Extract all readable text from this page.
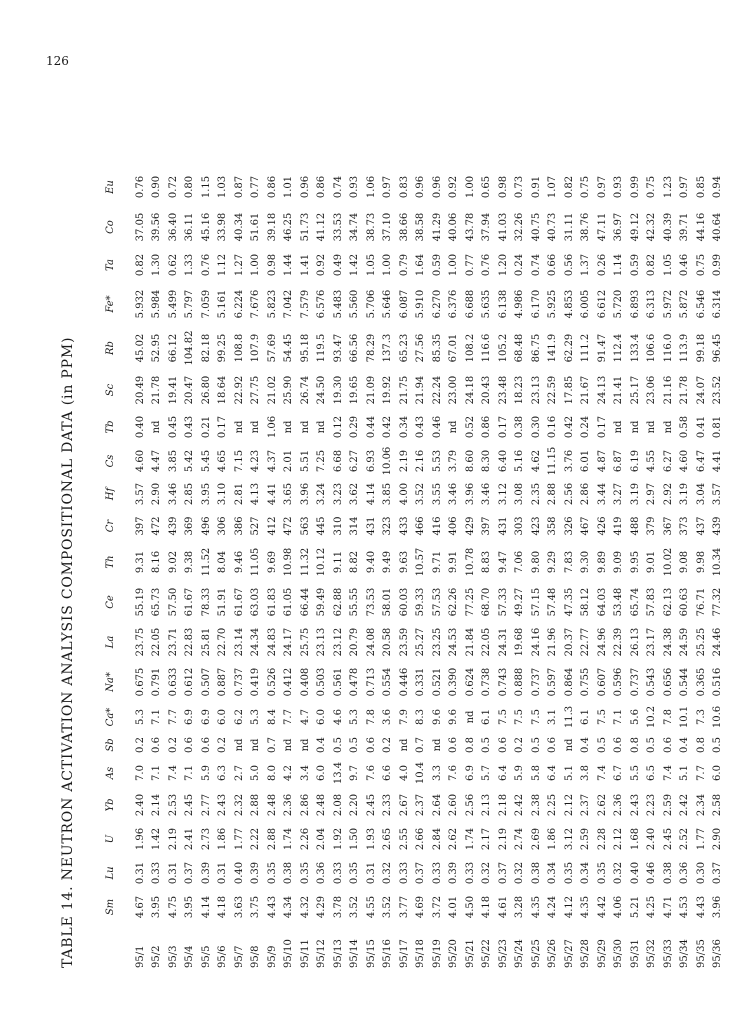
126
TABLE 14. NEUTRON ACTIVATION ANALYSIS COMPOSITIONAL DATA (in PPM)
		Sm	Lu	U	Yb	As	Sb	Ca*	Na*	La	Ce	Th	Cr	Hf	Cs	Tb	Sc	Rb	Fe*	Ta	Co	Eu
95/1	4.67	0.31	1.96	2.40	7.0	0.2	5.3	0.675	23.75	55.19	9.31	397	3.57	4.60	0.40	20.49	45.02	5.932	0.82	37.05	0.76
95/2	3.95	0.33	1.42	2.14	7.1	0.6	7.1	0.791	22.05	65.73	8.16	472	2.90	4.47	nd	21.78	52.95	5.984	1.30	39.56	0.90
95/3	4.75	0.31	2.19	2.53	7.4	0.2	7.7	0.633	23.71	57.50	9.02	439	3.46	3.85	0.45	19.41	66.12	5.499	0.62	36.40	0.72
95/4	3.95	0.37	2.41	2.45	7.1	0.6	6.9	0.612	22.83	61.67	9.38	369	2.85	5.42	0.43	20.47	104.82	5.797	1.33	36.11	0.80
95/5	4.14	0.39	2.73	2.77	5.9	0.6	6.9	0.507	25.81	78.33	11.52	496	3.95	5.45	0.21	26.80	82.18	7.059	0.76	45.16	1.15
95/6	4.18	0.31	1.86	2.43	6.3	0.2	6.0	0.887	22.70	51.91	8.04	306	3.10	4.65	0.17	18.64	99.25	5.161	1.12	33.98	1.03
95/7	3.63	0.40	1.77	2.32	2.7	nd	6.2	0.737	23.14	61.67	9.46	386	2.81	7.15	nd	22.92	108.8	6.224	1.27	40.34	0.87
95/8	3.75	0.39	2.22	2.88	5.0	nd	5.3	0.419	24.34	63.03	11.05	527	4.13	4.23	nd	27.75	107.9	7.676	1.00	51.61	0.77
95/9	4.43	0.35	2.88	2.48	8.0	0.7	8.4	0.526	24.83	61.83	9.69	412	4.41	4.37	1.06	21.02	57.69	5.823	0.98	39.18	0.86
95/10	4.34	0.38	1.74	2.36	4.2	nd	7.7	0.412	24.17	61.05	10.98	472	3.65	2.01	nd	25.90	54.45	7.042	1.44	46.25	1.01
95/11	4.32	0.35	2.26	2.86	3.4	nd	4.7	0.408	25.75	66.44	11.32	563	3.96	5.51	nd	26.74	95.18	7.579	1.41	51.73	0.96
95/12	4.29	0.36	2.04	2.48	6.0	0.4	6.0	0.503	23.13	59.49	10.12	445	3.24	7.25	nd	24.50	119.5	6.576	0.92	41.12	0.86
95/13	3.78	0.33	1.92	2.08	13.4	0.5	4.6	0.561	23.12	62.88	9.11	310	3.23	6.68	0.12	19.30	93.47	5.483	0.49	33.53	0.74
95/14	3.52	0.35	1.50	2.20	9.7	0.5	5.3	0.478	20.79	55.55	8.82	314	3.62	6.27	0.29	19.65	66.56	5.560	1.42	34.74	0.93
95/15	4.55	0.31	1.93	2.45	7.6	0.6	7.8	0.713	24.08	73.53	9.40	431	4.14	6.93	0.44	21.09	78.29	5.706	1.05	38.73	1.06
95/16	3.52	0.32	2.65	2.33	6.6	0.2	3.6	0.554	20.58	58.01	9.49	323	3.85	10.06	0.42	19.92	137.3	5.646	1.00	37.10	0.97
95/17	3.77	0.33	2.55	2.67	4.0	nd	7.9	0.446	23.59	60.03	9.63	433	4.00	2.19	0.34	21.75	65.23	6.087	0.79	38.66	0.83
95/18	4.69	0.37	2.66	2.37	10.4	0.7	8.3	0.331	25.27	59.33	10.57	466	3.52	2.16	0.43	21.94	27.56	5.910	1.64	38.58	0.96
95/19	3.72	0.33	2.84	2.64	3.3	nd	9.6	0.521	23.25	57.53	9.71	416	3.55	5.53	0.46	22.24	85.35	6.270	0.59	41.29	0.96
95/20	4.01	0.39	2.62	2.60	7.6	0.6	9.6	0.390	24.53	62.26	9.91	406	3.46	3.79	nd	23.00	67.01	6.376	1.00	40.06	0.92
95/21	4.50	0.33	1.74	2.56	6.9	0.8	nd	0.624	21.84	77.25	10.78	429	3.96	8.60	0.52	24.18	108.2	6.688	0.77	43.78	1.00
95/22	4.18	0.32	2.17	2.13	5.7	0.5	6.1	0.738	22.05	68.70	8.83	397	3.46	8.30	0.86	20.43	116.6	5.635	0.76	37.94	0.65
95/23	4.61	0.37	2.19	2.18	6.4	0.6	7.5	0.743	24.31	57.33	9.47	431	3.12	6.40	0.17	23.48	105.2	6.138	1.20	41.03	0.98
95/24	3.28	0.32	2.74	2.42	5.9	0.2	7.5	0.888	19.68	49.27	7.06	303	3.08	5.16	0.38	18.23	68.48	4.986	0.24	32.26	0.73
95/25	4.35	0.38	2.69	2.38	5.8	0.5	7.5	0.737	24.16	57.15	9.80	423	2.35	4.62	0.30	23.13	86.75	6.170	0.74	40.75	0.91
95/26	4.24	0.34	1.86	2.25	6.4	0.6	3.1	0.597	21.96	57.48	9.29	358	2.88	11.15	0.16	22.59	141.9	5.925	0.66	40.73	1.07
95/27	4.12	0.35	3.12	2.12	5.1	nd	11.3	0.864	20.37	47.35	7.83	326	2.56	3.76	0.42	17.85	62.29	4.853	0.56	31.11	0.82
95/28	4.35	0.34	2.59	2.37	3.8	0.4	6.1	0.755	22.77	58.12	9.30	467	2.86	6.01	0.24	21.67	111.2	6.005	1.37	38.76	0.75
95/29	4.42	0.35	2.28	2.62	7.4	0.5	7.5	0.607	24.96	64.03	9.89	426	3.44	4.87	0.17	24.13	91.47	6.612	0.26	47.11	0.97
95/30	4.06	0.32	2.12	2.36	6.7	0.6	7.1	0.596	22.39	53.48	9.09	419	3.27	6.87	nd	21.41	112.4	5.720	1.14	36.97	0.93
95/31	5.21	0.40	1.68	2.43	5.5	0.8	5.6	0.737	26.13	65.74	9.95	488	3.19	6.19	nd	25.17	133.4	6.893	0.59	49.12	0.99
95/32	4.25	0.46	2.40	2.23	6.5	0.5	10.2	0.543	23.17	57.83	9.01	379	2.97	4.55	nd	23.06	106.6	6.313	0.82	42.32	0.75
95/33	4.71	0.38	2.45	2.59	7.4	0.6	7.8	0.656	24.38	62.13	10.02	367	2.92	6.27	nd	21.16	116.0	5.972	1.05	40.39	1.23
95/34	4.53	0.36	2.52	2.42	5.1	0.4	10.1	0.544	24.59	60.63	9.08	373	3.19	4.60	0.58	21.78	113.9	5.872	0.46	39.71	0.97
95/35	4.43	0.30	1.77	2.34	7.7	0.8	7.3	0.365	25.25	76.71	9.98	437	3.04	6.47	0.41	24.07	99.18	6.546	0.75	44.16	0.85
95/36	3.96	0.37	2.90	2.58	6.0	0.5	10.6	0.516	24.46	77.32	10.34	439	3.57	4.41	0.81	23.52	96.45	6.314	0.99	40.64	0.94
